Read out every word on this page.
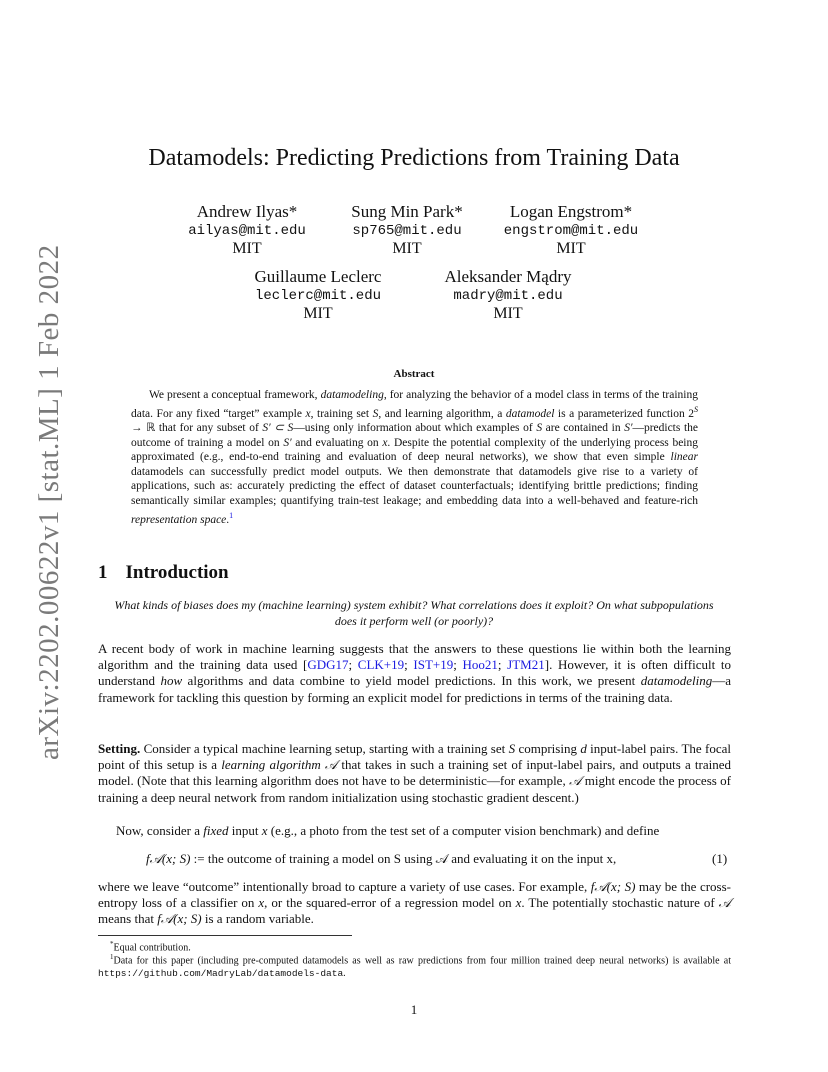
arXiv:2202.00622v1 [stat.ML] 1 Feb 2022
Datamodels: Predicting Predictions from Training Data
Andrew Ilyas*
ailyas@mit.edu
MIT
Sung Min Park*
sp765@mit.edu
MIT
Logan Engstrom*
engstrom@mit.edu
MIT
Guillaume Leclerc
leclerc@mit.edu
MIT
Aleksander Mądry
madry@mit.edu
MIT
Abstract
We present a conceptual framework, datamodeling, for analyzing the behavior of a model class in terms of the training data. For any fixed “target” example x, training set S, and learning algorithm, a datamodel is a parameterized function $2^S$ → ℝ that for any subset of S′ ⊂ S—using only information about which examples of S are contained in S′—predicts the outcome of training a model on S′ and evaluating on x. Despite the potential complexity of the underlying process being approximated (e.g., end-to-end training and evaluation of deep neural networks), we show that even simple linear datamodels can successfully predict model outputs. We then demonstrate that datamodels give rise to a variety of applications, such as: accurately predicting the effect of dataset counterfactuals; identifying brittle predictions; finding semantically similar examples; quantifying train-test leakage; and embedding data into a well-behaved and feature-rich representation space.$^1$
1 Introduction
What kinds of biases does my (machine learning) system exhibit? What correlations does it exploit? On what subpopulations does it perform well (or poorly)?
A recent body of work in machine learning suggests that the answers to these questions lie within both the learning algorithm and the training data used [GDG17; CLK+19; IST+19; Hoo21; JTM21]. However, it is often difficult to understand how algorithms and data combine to yield model predictions. In this work, we present datamodeling—a framework for tackling this question by forming an explicit model for predictions in terms of the training data.
Setting. Consider a typical machine learning setup, starting with a training set S comprising d input-label pairs. The focal point of this setup is a learning algorithm 𝒜 that takes in such a training set of input-label pairs, and outputs a trained model. (Note that this learning algorithm does not have to be deterministic—for example, 𝒜 might encode the process of training a deep neural network from random initialization using stochastic gradient descent.)
Now, consider a fixed input x (e.g., a photo from the test set of a computer vision benchmark) and define
f𝒜(x; S) := the outcome of training a model on S using 𝒜 and evaluating it on the input x,	(1)
where we leave “outcome” intentionally broad to capture a variety of use cases. For example, f𝒜(x; S) may be the cross-entropy loss of a classifier on x, or the squared-error of a regression model on x. The potentially stochastic nature of 𝒜 means that f𝒜(x; S) is a random variable.
*Equal contribution.
$^1$Data for this paper (including pre-computed datamodels as well as raw predictions from four million trained deep neural networks) is available at https://github.com/MadryLab/datamodels-data.
1
